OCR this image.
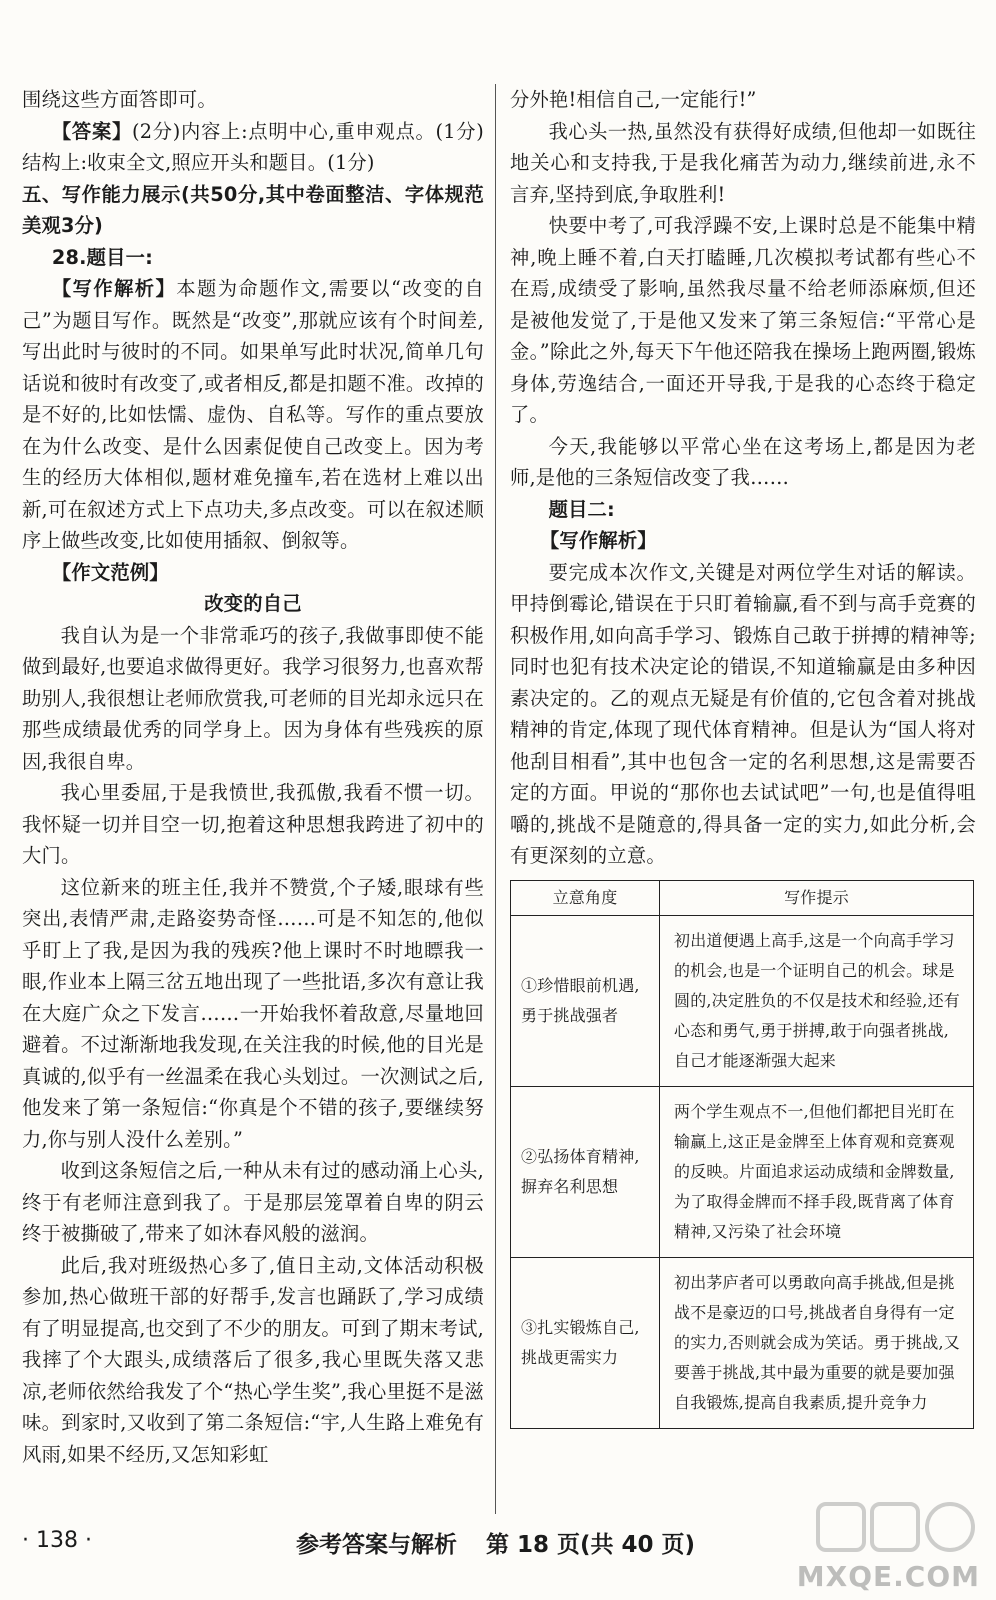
围绕这些方面答即可。

【答案】(2分)内容上:点明中心,重申观点。(1分)结构上:收束全文,照应开头和题目。(1分)

五、写作能力展示(共50分,其中卷面整洁、字体规范美观3分)

28.题目一:

【写作解析】本题为命题作文,需要以“改变的自己”为题目写作。既然是“改变”,那就应该有个时间差,写出此时与彼时的不同。如果单写此时状况,简单几句话说和彼时有改变了,或者相反,都是扣题不准。改掉的是不好的,比如怯懦、虚伪、自私等。写作的重点要放在为什么改变、是什么因素促使自己改变上。因为考生的经历大体相似,题材难免撞车,若在选材上难以出新,可在叙述方式上下点功夫,多点改变。可以在叙述顺序上做些改变,比如使用插叙、倒叙等。

【作文范例】

改变的自己

我自认为是一个非常乖巧的孩子,我做事即使不能做到最好,也要追求做得更好。我学习很努力,也喜欢帮助别人,我很想让老师欣赏我,可老师的目光却永远只在那些成绩最优秀的同学身上。因为身体有些残疾的原因,我很自卑。

我心里委屈,于是我愤世,我孤傲,我看不惯一切。我怀疑一切并目空一切,抱着这种思想我跨进了初中的大门。

这位新来的班主任,我并不赞赏,个子矮,眼球有些突出,表情严肃,走路姿势奇怪……可是不知怎的,他似乎盯上了我,是因为我的残疾?他上课时不时地瞟我一眼,作业本上隔三岔五地出现了一些批语,多次有意让我在大庭广众之下发言……一开始我怀着敌意,尽量地回避着。不过渐渐地我发现,在关注我的时候,他的目光是真诚的,似乎有一丝温柔在我心头划过。一次测试之后,他发来了第一条短信:“你真是个不错的孩子,要继续努力,你与别人没什么差别。”

收到这条短信之后,一种从未有过的感动涌上心头,终于有老师注意到我了。于是那层笼罩着自卑的阴云终于被撕破了,带来了如沐春风般的滋润。

此后,我对班级热心多了,值日主动,文体活动积极参加,热心做班干部的好帮手,发言也踊跃了,学习成绩有了明显提高,也交到了不少的朋友。可到了期末考试,我摔了个大跟头,成绩落后了很多,我心里既失落又悲凉,老师依然给我发了个“热心学生奖”,我心里挺不是滋味。到家时,又收到了第二条短信:“宇,人生路上难免有风雨,如果不经历,又怎知彩虹

分外艳!相信自己,一定能行!”

我心头一热,虽然没有获得好成绩,但他却一如既往地关心和支持我,于是我化痛苦为动力,继续前进,永不言弃,坚持到底,争取胜利!

快要中考了,可我浮躁不安,上课时总是不能集中精神,晚上睡不着,白天打瞌睡,几次模拟考试都有些心不在焉,成绩受了影响,虽然我尽量不给老师添麻烦,但还是被他发觉了,于是他又发来了第三条短信:“平常心是金。”除此之外,每天下午他还陪我在操场上跑两圈,锻炼身体,劳逸结合,一面还开导我,于是我的心态终于稳定了。

今天,我能够以平常心坐在这考场上,都是因为老师,是他的三条短信改变了我……

题目二:

【写作解析】

要完成本次作文,关键是对两位学生对话的解读。甲持倒霉论,错误在于只盯着输赢,看不到与高手竞赛的积极作用,如向高手学习、锻炼自己敢于拼搏的精神等;同时也犯有技术决定论的错误,不知道输赢是由多种因素决定的。乙的观点无疑是有价值的,它包含着对挑战精神的肯定,体现了现代体育精神。但是认为“国人将对他刮目相看”,其中也包含一定的名利思想,这是需要否定的方面。甲说的“那你也去试试吧”一句,也是值得咀嚼的,挑战不是随意的,得具备一定的实力,如此分析,会有更深刻的立意。

立意角度	写作提示
①珍惜眼前机遇,勇于挑战强者	初出道便遇上高手,这是一个向高手学习的机会,也是一个证明自己的机会。球是圆的,决定胜负的不仅是技术和经验,还有心态和勇气,勇于拼搏,敢于向强者挑战,自己才能逐渐强大起来
②弘扬体育精神,摒弃名利思想	两个学生观点不一,但他们都把目光盯在输赢上,这正是金牌至上体育观和竞赛观的反映。片面追求运动成绩和金牌数量,为了取得金牌而不择手段,既背离了体育精神,又污染了社会环境
③扎实锻炼自己,挑战更需实力	初出茅庐者可以勇敢向高手挑战,但是挑战不是豪迈的口号,挑战者自身得有一定的实力,否则就会成为笑话。勇于挑战,又要善于挑战,其中最为重要的就是要加强自我锻炼,提高自我素质,提升竞争力
· 138 ·	参考答案与解析 第 18 页(共 40 页)
MXQE.COM
